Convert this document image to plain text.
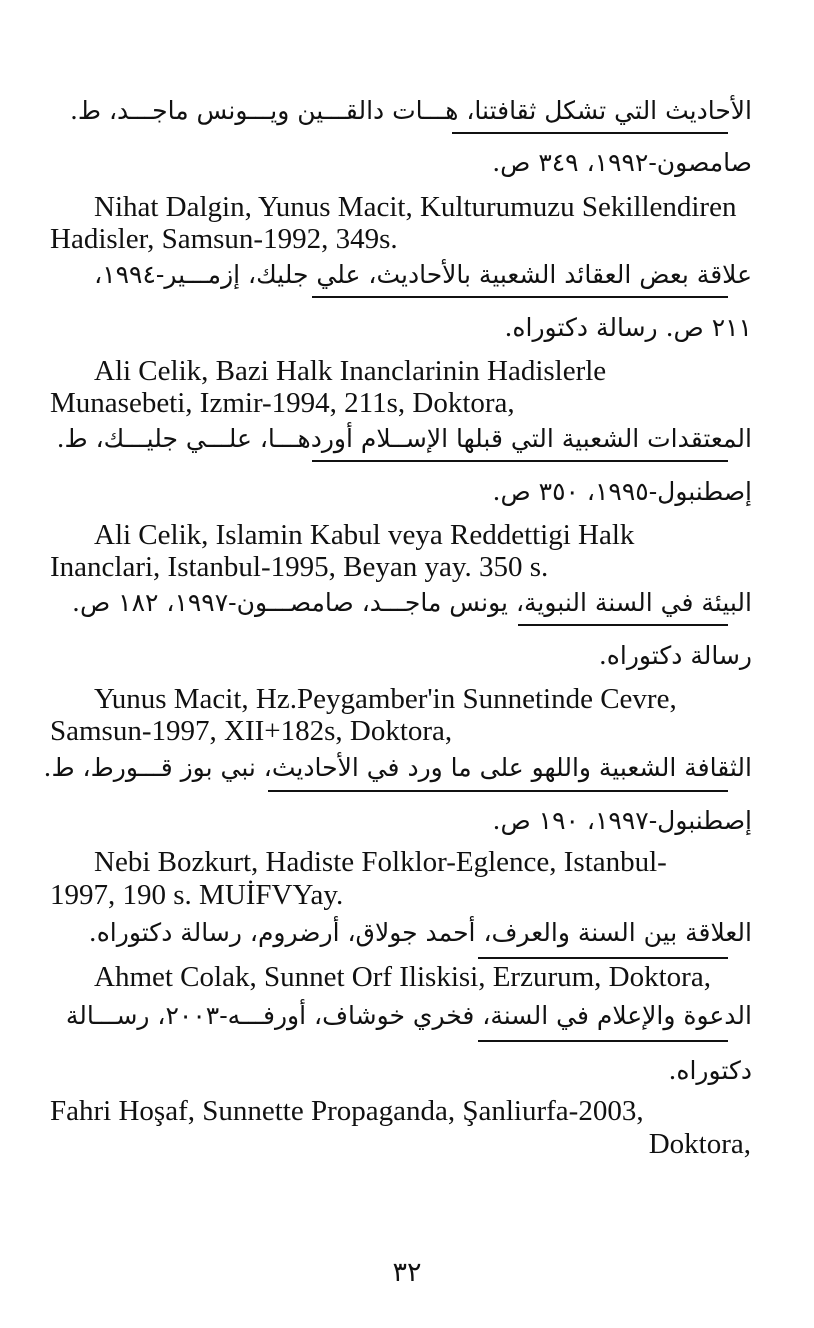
الأحاديث التي تشكل ثقافتنا، هـــات دالقـــين ويـــونس ماجـــد، ط.
صامصون-١٩٩٢، ٣٤٩ ص.
Nihat Dalgin, Yunus Macit, Kulturumuzu Sekillendiren
Hadisler, Samsun-1992, 349s.
علاقة بعض العقائد الشعبية بالأحاديث، علي جليك، إزمـــير-١٩٩٤،
٢١١ ص. رسالة دكتوراه.
Ali Celik, Bazi Halk Inanclarinin Hadislerle
Munasebeti, Izmir-1994, 211s, Doktora,
المعتقدات الشعبية التي قبلها الإســلام أوردهـــا، علـــي جليـــك، ط.
إصطنبول-١٩٩٥، ٣٥٠ ص.
Ali Celik, Islamin Kabul veya Reddettigi Halk
Inanclari, Istanbul-1995, Beyan yay. 350 s.
البيئة في السنة النبوية، يونس ماجـــد، صامصـــون-١٩٩٧، ١٨٢ ص.
رسالة دكتوراه.
Yunus Macit, Hz.Peygamber'in Sunnetinde Cevre,
Samsun-1997, XII+182s, Doktora,
الثقافة الشعبية واللهو على ما ورد في الأحاديث، نبي بوز قـــورط، ط.
إصطنبول-١٩٩٧، ١٩٠ ص.
Nebi Bozkurt, Hadiste Folklor-Eglence, Istanbul-
1997, 190 s. MUİFVYay.
العلاقة بين السنة والعرف، أحمد جولاق، أرضروم، رسالة دكتوراه.
Ahmet Colak, Sunnet Orf Iliskisi, Erzurum, Doktora,
الدعوة والإعلام في السنة، فخري خوشاف، أورفـــه-٢٠٠٣، رســـالة
دكتوراه.
Fahri Hoşaf, Sunnette Propaganda, Şanliurfa-2003,
Doktora,
٣٢
